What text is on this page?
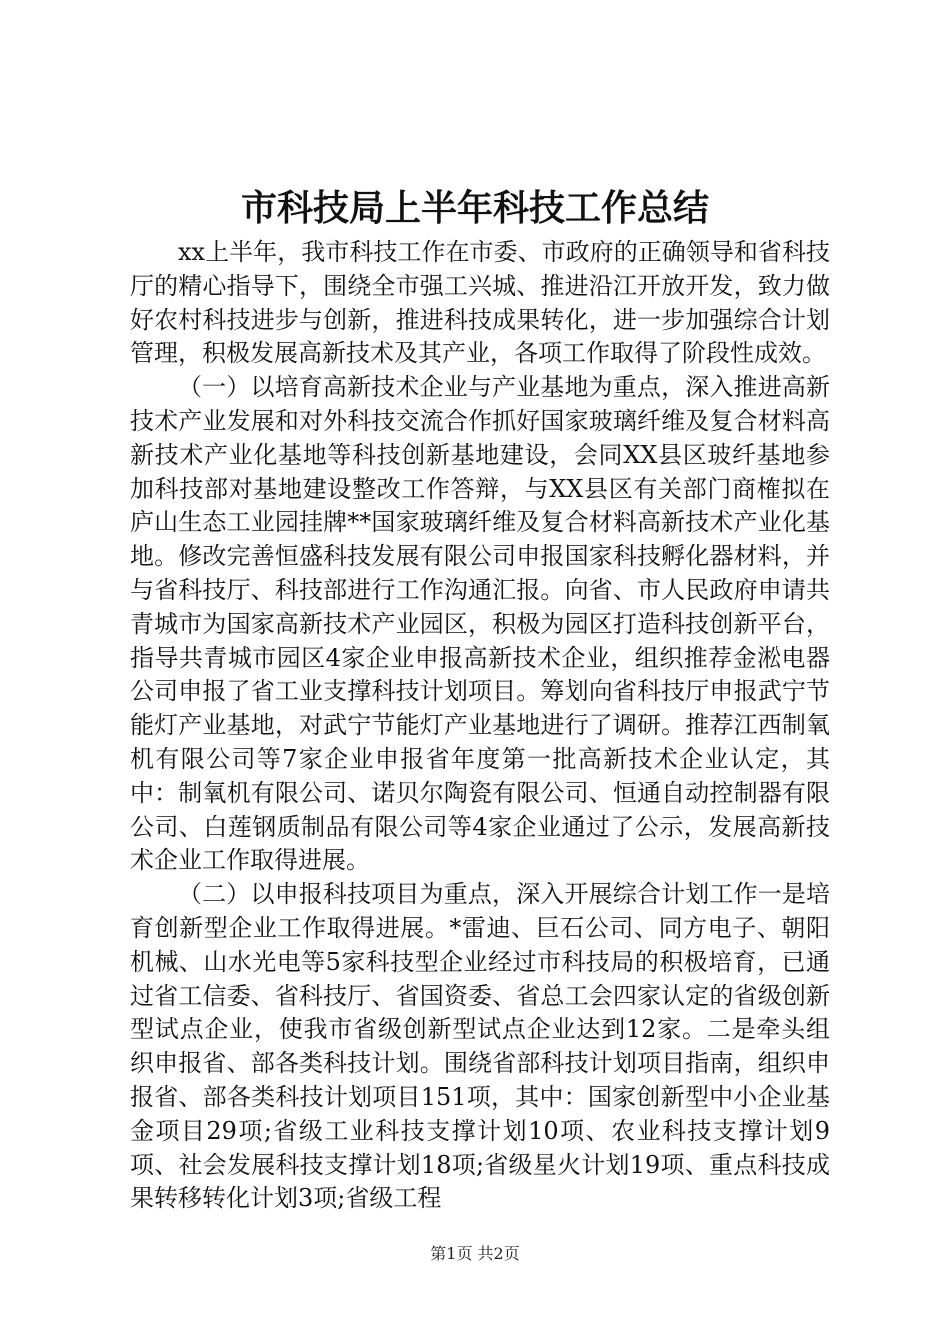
市科技局上半年科技工作总结

xx上半年，我市科技工作在市委、市政府的正确领导和省科技厅的精心指导下，围绕全市强工兴城、推进沿江开放开发，致力做好农村科技进步与创新，推进科技成果转化，进一步加强综合计划管理，积极发展高新技术及其产业，各项工作取得了阶段性成效。

（一）以培育高新技术企业与产业基地为重点，深入推进高新技术产业发展和对外科技交流合作抓好国家玻璃纤维及复合材料高新技术产业化基地等科技创新基地建设，会同XX县区玻纤基地参加科技部对基地建设整改工作答辩，与XX县区有关部门商榷拟在庐山生态工业园挂牌**国家玻璃纤维及复合材料高新技术产业化基地。修改完善恒盛科技发展有限公司申报国家科技孵化器材料，并与省科技厅、科技部进行工作沟通汇报。向省、市人民政府申请共青城市为国家高新技术产业园区，积极为园区打造科技创新平台，指导共青城市园区4家企业申报高新技术企业，组织推荐金淞电器公司申报了省工业支撑科技计划项目。筹划向省科技厅申报武宁节能灯产业基地，对武宁节能灯产业基地进行了调研。推荐江西制氧机有限公司等7家企业申报省年度第一批高新技术企业认定，其中：制氧机有限公司、诺贝尔陶瓷有限公司、恒通自动控制器有限公司、白莲钢质制品有限公司等4家企业通过了公示，发展高新技术企业工作取得进展。

（二）以申报科技项目为重点，深入开展综合计划工作一是培育创新型企业工作取得进展。*雷迪、巨石公司、同方电子、朝阳机械、山水光电等5家科技型企业经过市科技局的积极培育，已通过省工信委、省科技厅、省国资委、省总工会四家认定的省级创新型试点企业，使我市省级创新型试点企业达到12家。二是牵头组织申报省、部各类科技计划。围绕省部科技计划项目指南，组织申报省、部各类科技计划项目151项，其中：国家创新型中小企业基金项目29项;省级工业科技支撑计划10项、农业科技支撑计划9项、社会发展科技支撑计划18项;省级星火计划19项、重点科技成果转移转化计划3项;省级工程

第1页 共2页
